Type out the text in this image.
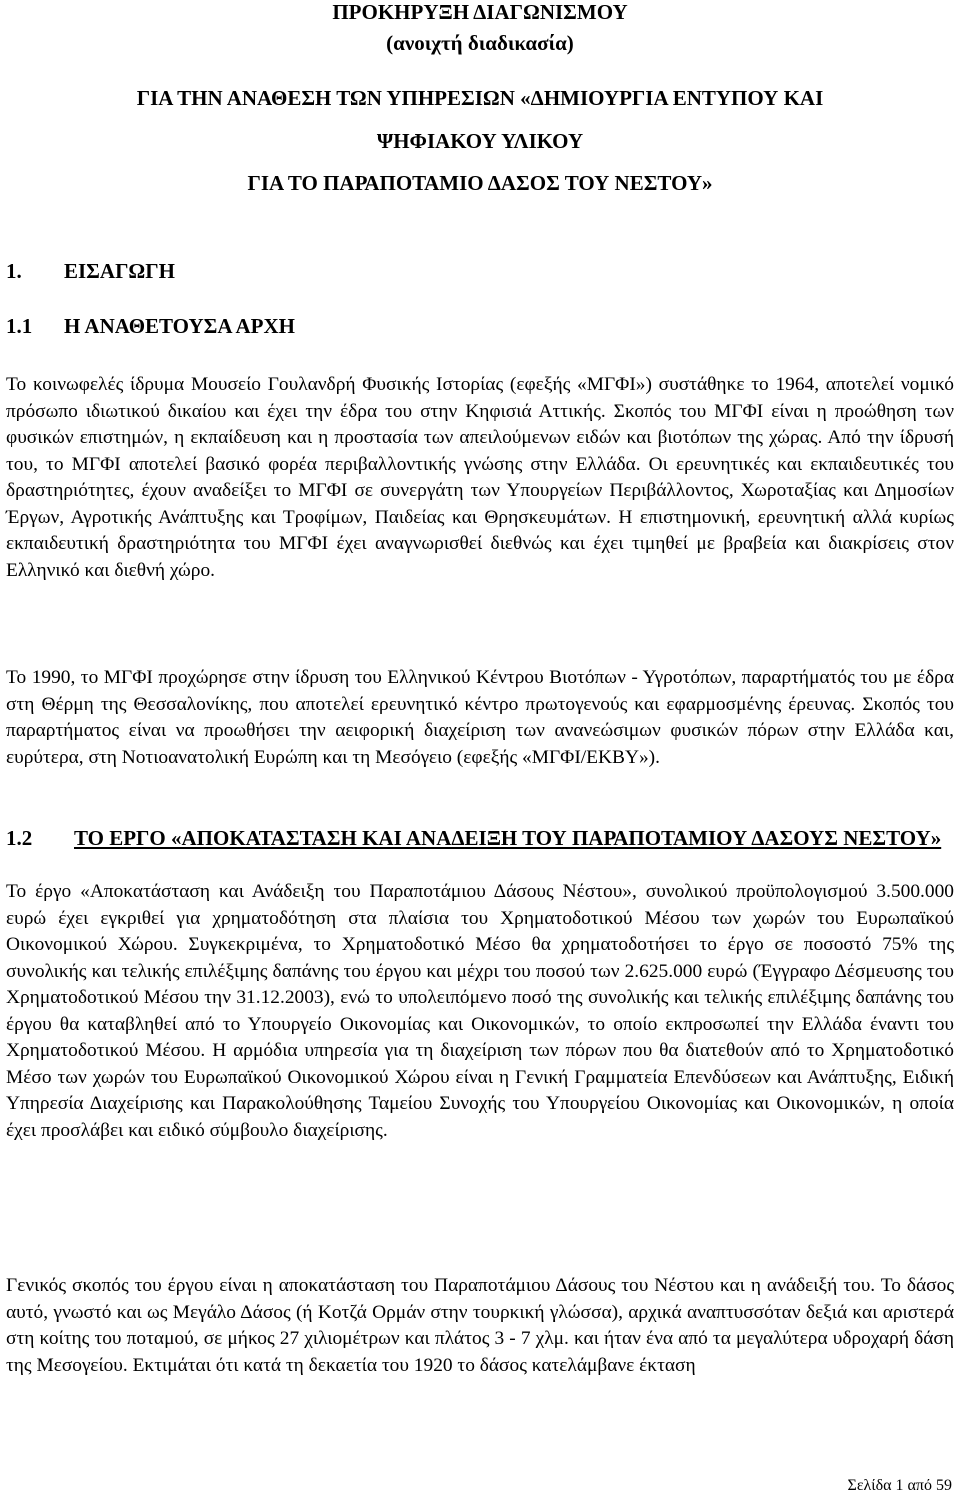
ΠΡΟΚΗΡΥΞΗ ΔΙΑΓΩΝΙΣΜΟΥ
(ανοιχτή διαδικασία)
ΓΙΑ ΤΗΝ ΑΝΑΘΕΣΗ ΤΩΝ ΥΠΗΡΕΣΙΩΝ «ΔΗΜΙΟΥΡΓΙΑ ΕΝΤΥΠΟΥ ΚΑΙ
ΨΗΦΙΑΚΟΥ ΥΛΙΚΟΥ
ΓΙΑ ΤΟ ΠΑΡΑΠΟΤΑΜΙΟ ΔΑΣΟΣ ΤΟΥ ΝΕΣΤΟΥ»
1. ΕΙΣΑΓΩΓΗ
1.1 Η ΑΝΑΘΕΤΟΥΣΑ ΑΡΧΗ
Το κοινωφελές ίδρυμα Μουσείο Γουλανδρή Φυσικής Ιστορίας (εφεξής «ΜΓΦΙ») συστάθηκε το 1964, αποτελεί νομικό πρόσωπο ιδιωτικού δικαίου και έχει την έδρα του στην Κηφισιά Αττικής. Σκοπός του ΜΓΦΙ είναι η προώθηση των φυσικών επιστημών, η εκπαίδευση και η προστασία των απειλούμενων ειδών και βιοτόπων της χώρας. Από την ίδρυσή του, το ΜΓΦΙ αποτελεί βασικό φορέα περιβαλλοντικής γνώσης στην Ελλάδα. Οι ερευνητικές και εκπαιδευτικές του δραστηριότητες, έχουν αναδείξει το ΜΓΦΙ σε συνεργάτη των Υπουργείων Περιβάλλοντος, Χωροταξίας και Δημοσίων Έργων, Αγροτικής Ανάπτυξης και Τροφίμων, Παιδείας και Θρησκευμάτων. Η επιστημονική, ερευνητική αλλά κυρίως εκπαιδευτική δραστηριότητα του ΜΓΦΙ έχει αναγνωρισθεί διεθνώς και έχει τιμηθεί με βραβεία και διακρίσεις στον Ελληνικό και διεθνή χώρο.
Το 1990, το ΜΓΦΙ προχώρησε στην ίδρυση του Ελληνικού Κέντρου Βιοτόπων - Υγροτόπων, παραρτήματός του με έδρα στη Θέρμη της Θεσσαλονίκης, που αποτελεί ερευνητικό κέντρο πρωτογενούς και εφαρμοσμένης έρευνας. Σκοπός του παραρτήματος είναι να προωθήσει την αειφορική διαχείριση των ανανεώσιμων φυσικών πόρων στην Ελλάδα και, ευρύτερα, στη Νοτιοανατολική Ευρώπη και τη Μεσόγειο (εφεξής «ΜΓΦΙ/ΕΚΒΥ»).
1.2 ΤΟ ΕΡΓΟ «ΑΠΟΚΑΤΑΣΤΑΣΗ ΚΑΙ ΑΝΑΔΕΙΞΗ ΤΟΥ ΠΑΡΑΠΟΤΑΜΙΟΥ ΔΑΣΟΥΣ ΝΕΣΤΟΥ»
Το έργο «Αποκατάσταση και Ανάδειξη του Παραποτάμιου Δάσους Νέστου», συνολικού προϋπολογισμού 3.500.000 ευρώ έχει εγκριθεί για χρηματοδότηση στα πλαίσια του Χρηματοδοτικού Μέσου των χωρών του Ευρωπαϊκού Οικονομικού Χώρου. Συγκεκριμένα, το Χρηματοδοτικό Μέσο θα χρηματοδοτήσει το έργο σε ποσοστό 75% της συνολικής και τελικής επιλέξιμης δαπάνης του έργου και μέχρι του ποσού των 2.625.000 ευρώ (Έγγραφο Δέσμευσης του Χρηματοδοτικού Μέσου την 31.12.2003), ενώ το υπολειπόμενο ποσό της συνολικής και τελικής επιλέξιμης δαπάνης του έργου θα καταβληθεί από το Υπουργείο Οικονομίας και Οικονομικών, το οποίο εκπροσωπεί την Ελλάδα έναντι του Χρηματοδοτικού Μέσου. Η αρμόδια υπηρεσία για τη διαχείριση των πόρων που θα διατεθούν από το Χρηματοδοτικό Μέσο των χωρών του Ευρωπαϊκού Οικονομικού Χώρου είναι η Γενική Γραμματεία Επενδύσεων και Ανάπτυξης, Ειδική Υπηρεσία Διαχείρισης και Παρακολούθησης Ταμείου Συνοχής του Υπουργείου Οικονομίας και Οικονομικών, η οποία έχει προσλάβει και ειδικό σύμβουλο διαχείρισης.
Γενικός σκοπός του έργου είναι η αποκατάσταση του Παραποτάμιου Δάσους του Νέστου και η ανάδειξή του. Το δάσος αυτό, γνωστό και ως Μεγάλο Δάσος (ή Κοτζά Ορμάν στην τουρκική γλώσσα), αρχικά αναπτυσσόταν δεξιά και αριστερά στη κοίτης του ποταμού, σε μήκος 27 χιλιομέτρων και πλάτος 3 - 7 χλμ. και ήταν ένα από τα μεγαλύτερα υδροχαρή δάση της Μεσογείου. Εκτιμάται ότι κατά τη δεκαετία του 1920 το δάσος κατελάμβανε έκταση
Σελίδα 1 από 59
